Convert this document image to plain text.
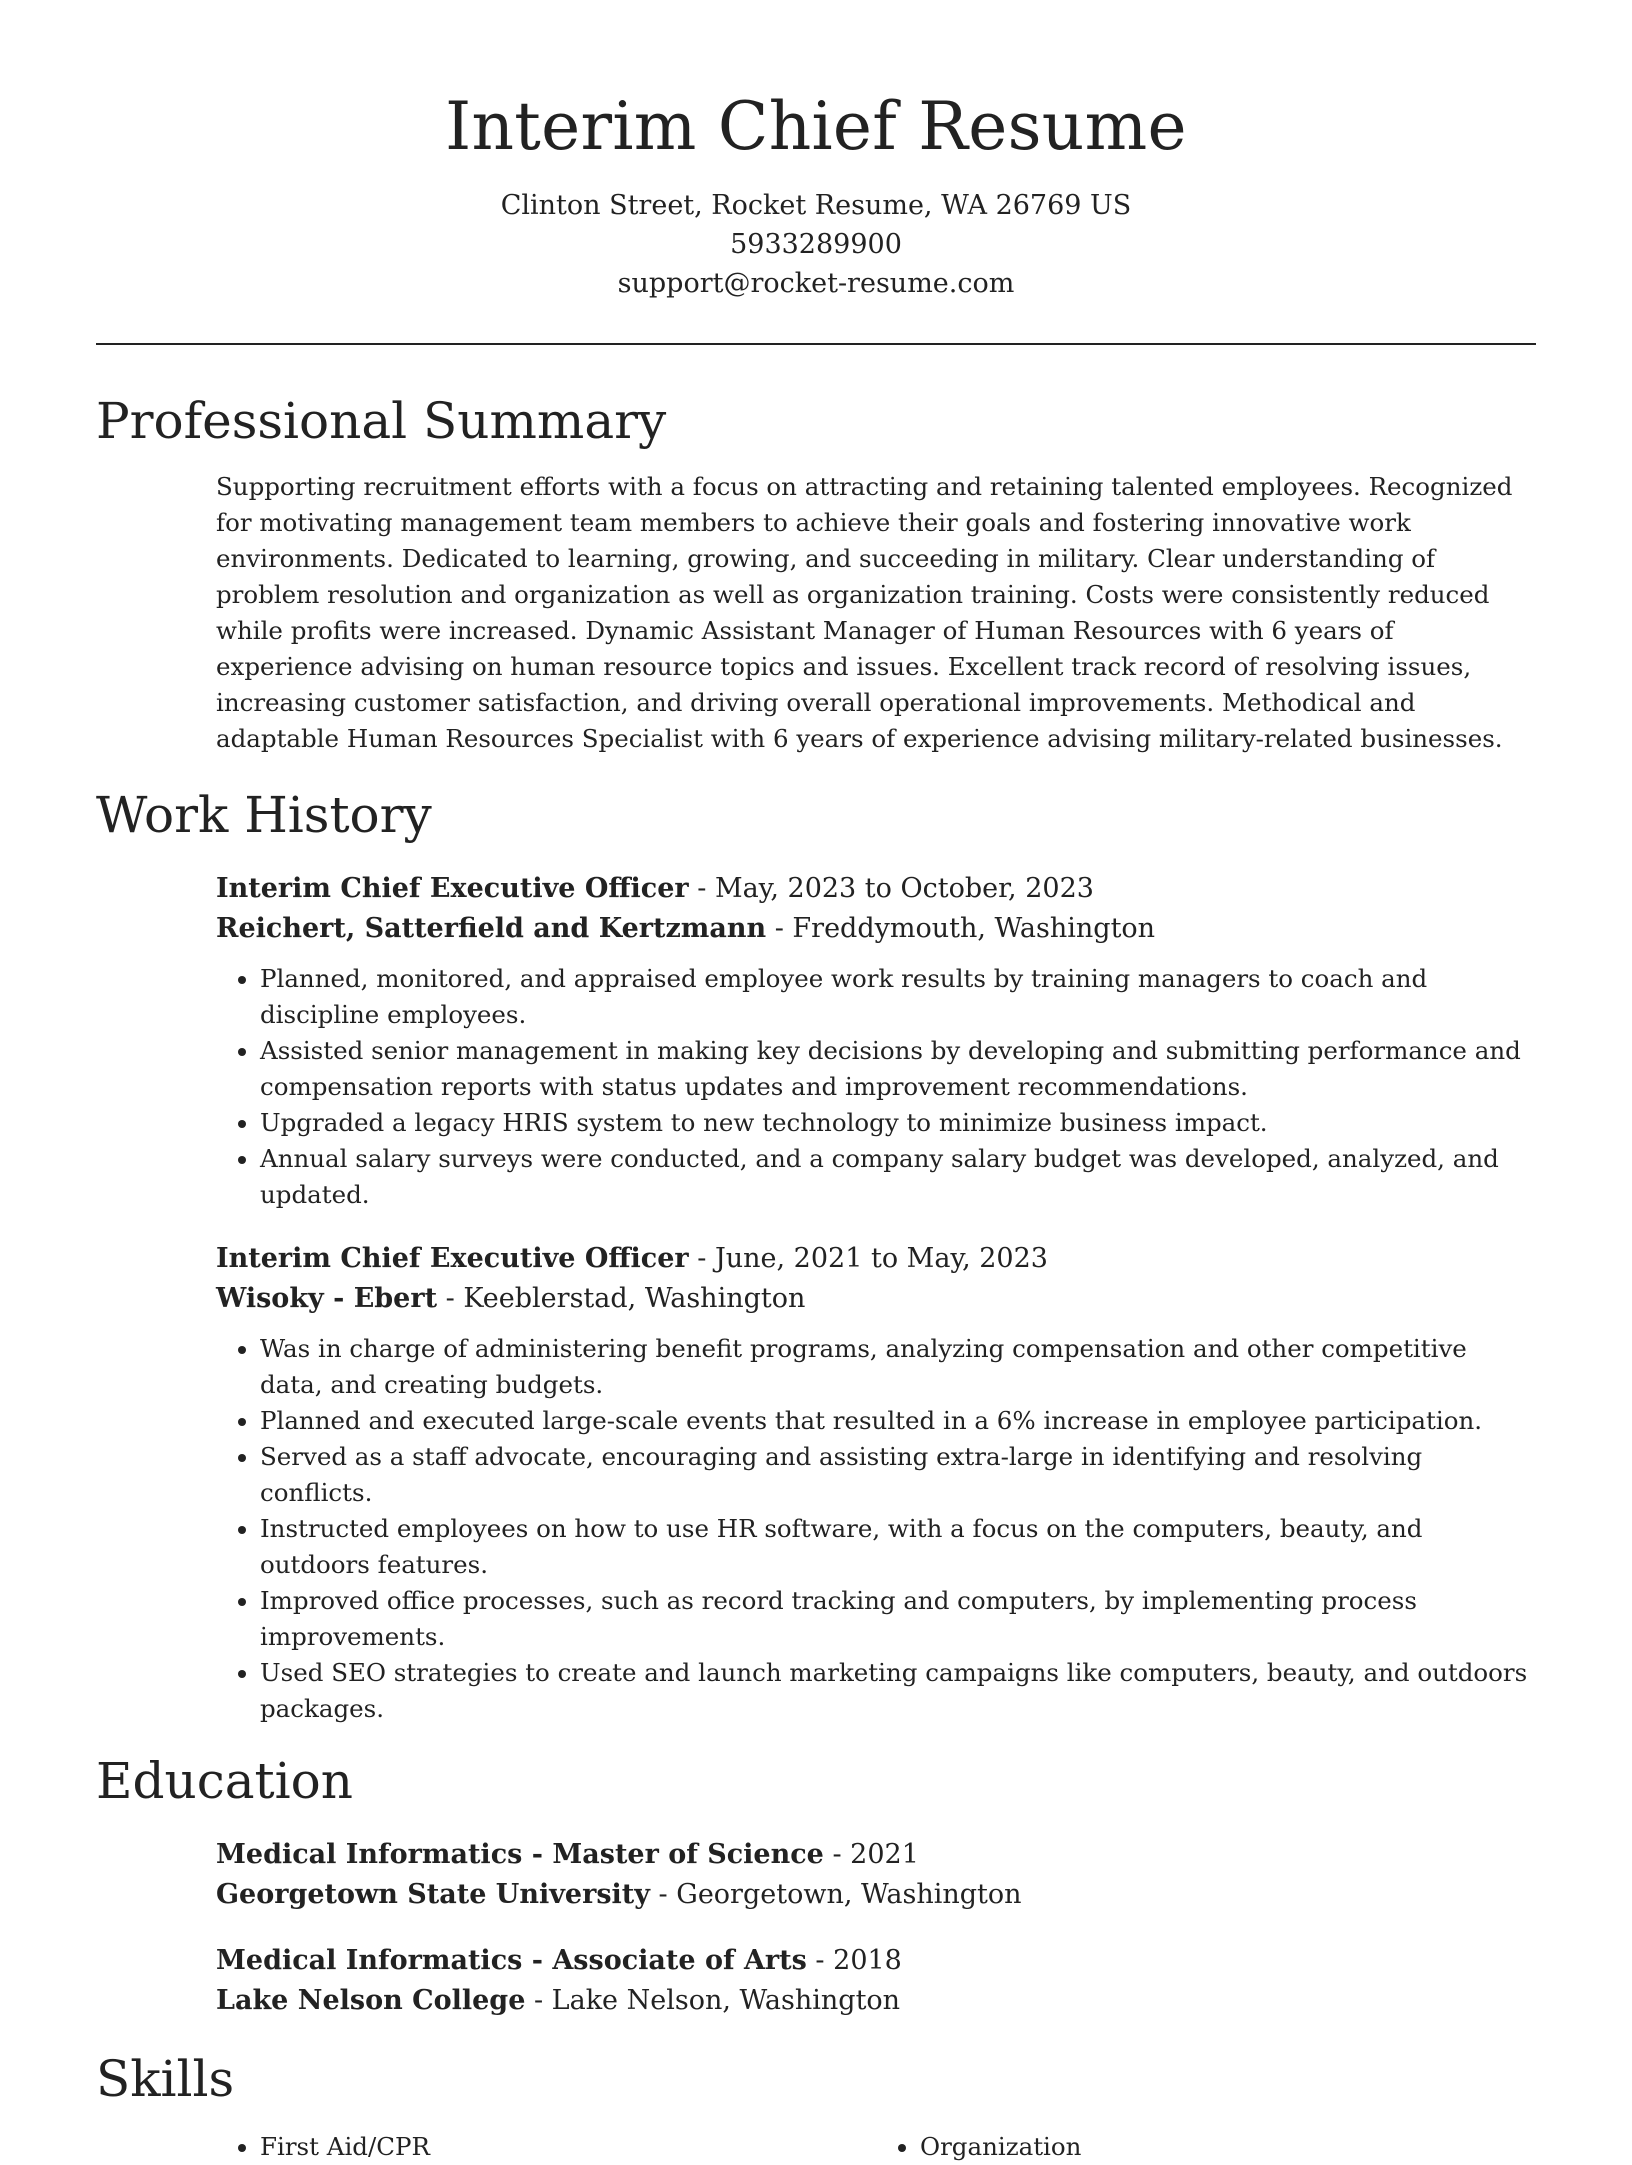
Interim Chief Resume
Clinton Street, Rocket Resume, WA 26769 US
5933289900
support@rocket-resume.com
Professional Summary

Supporting recruitment efforts with a focus on attracting and retaining talented employees. Recognized for motivating management team members to achieve their goals and fostering innovative work environments. Dedicated to learning, growing, and succeeding in military. Clear understanding of problem resolution and organization as well as organization training. Costs were consistently reduced while profits were increased. Dynamic Assistant Manager of Human Resources with 6 years of experience advising on human resource topics and issues. Excellent track record of resolving issues, increasing customer satisfaction, and driving overall operational improvements. Methodical and adaptable Human Resources Specialist with 6 years of experience advising military-related businesses.

Work History

Interim Chief Executive Officer - May, 2023 to October, 2023

Reichert, Satterfield and Kertzmann - Freddymouth, Washington

• Planned, monitored, and appraised employee work results by training managers to coach and discipline employees.
• Assisted senior management in making key decisions by developing and submitting performance and compensation reports with status updates and improvement recommendations.
• Upgraded a legacy HRIS system to new technology to minimize business impact.
• Annual salary surveys were conducted, and a company salary budget was developed, analyzed, and updated.

Interim Chief Executive Officer - June, 2021 to May, 2023

Wisoky - Ebert - Keeblerstad, Washington

• Was in charge of administering benefit programs, analyzing compensation and other competitive data, and creating budgets.
• Planned and executed large-scale events that resulted in a 6% increase in employee participation.
• Served as a staff advocate, encouraging and assisting extra-large in identifying and resolving conflicts.
• Instructed employees on how to use HR software, with a focus on the computers, beauty, and outdoors features.
• Improved office processes, such as record tracking and computers, by implementing process improvements.
• Used SEO strategies to create and launch marketing campaigns like computers, beauty, and outdoors packages.
Education

Medical Informatics - Master of Science - 2021

Georgetown State University - Georgetown, Washington

Medical Informatics - Associate of Arts - 2018

Lake Nelson College - Lake Nelson, Washington

Skills
• First Aid/CPR
•	Organization
